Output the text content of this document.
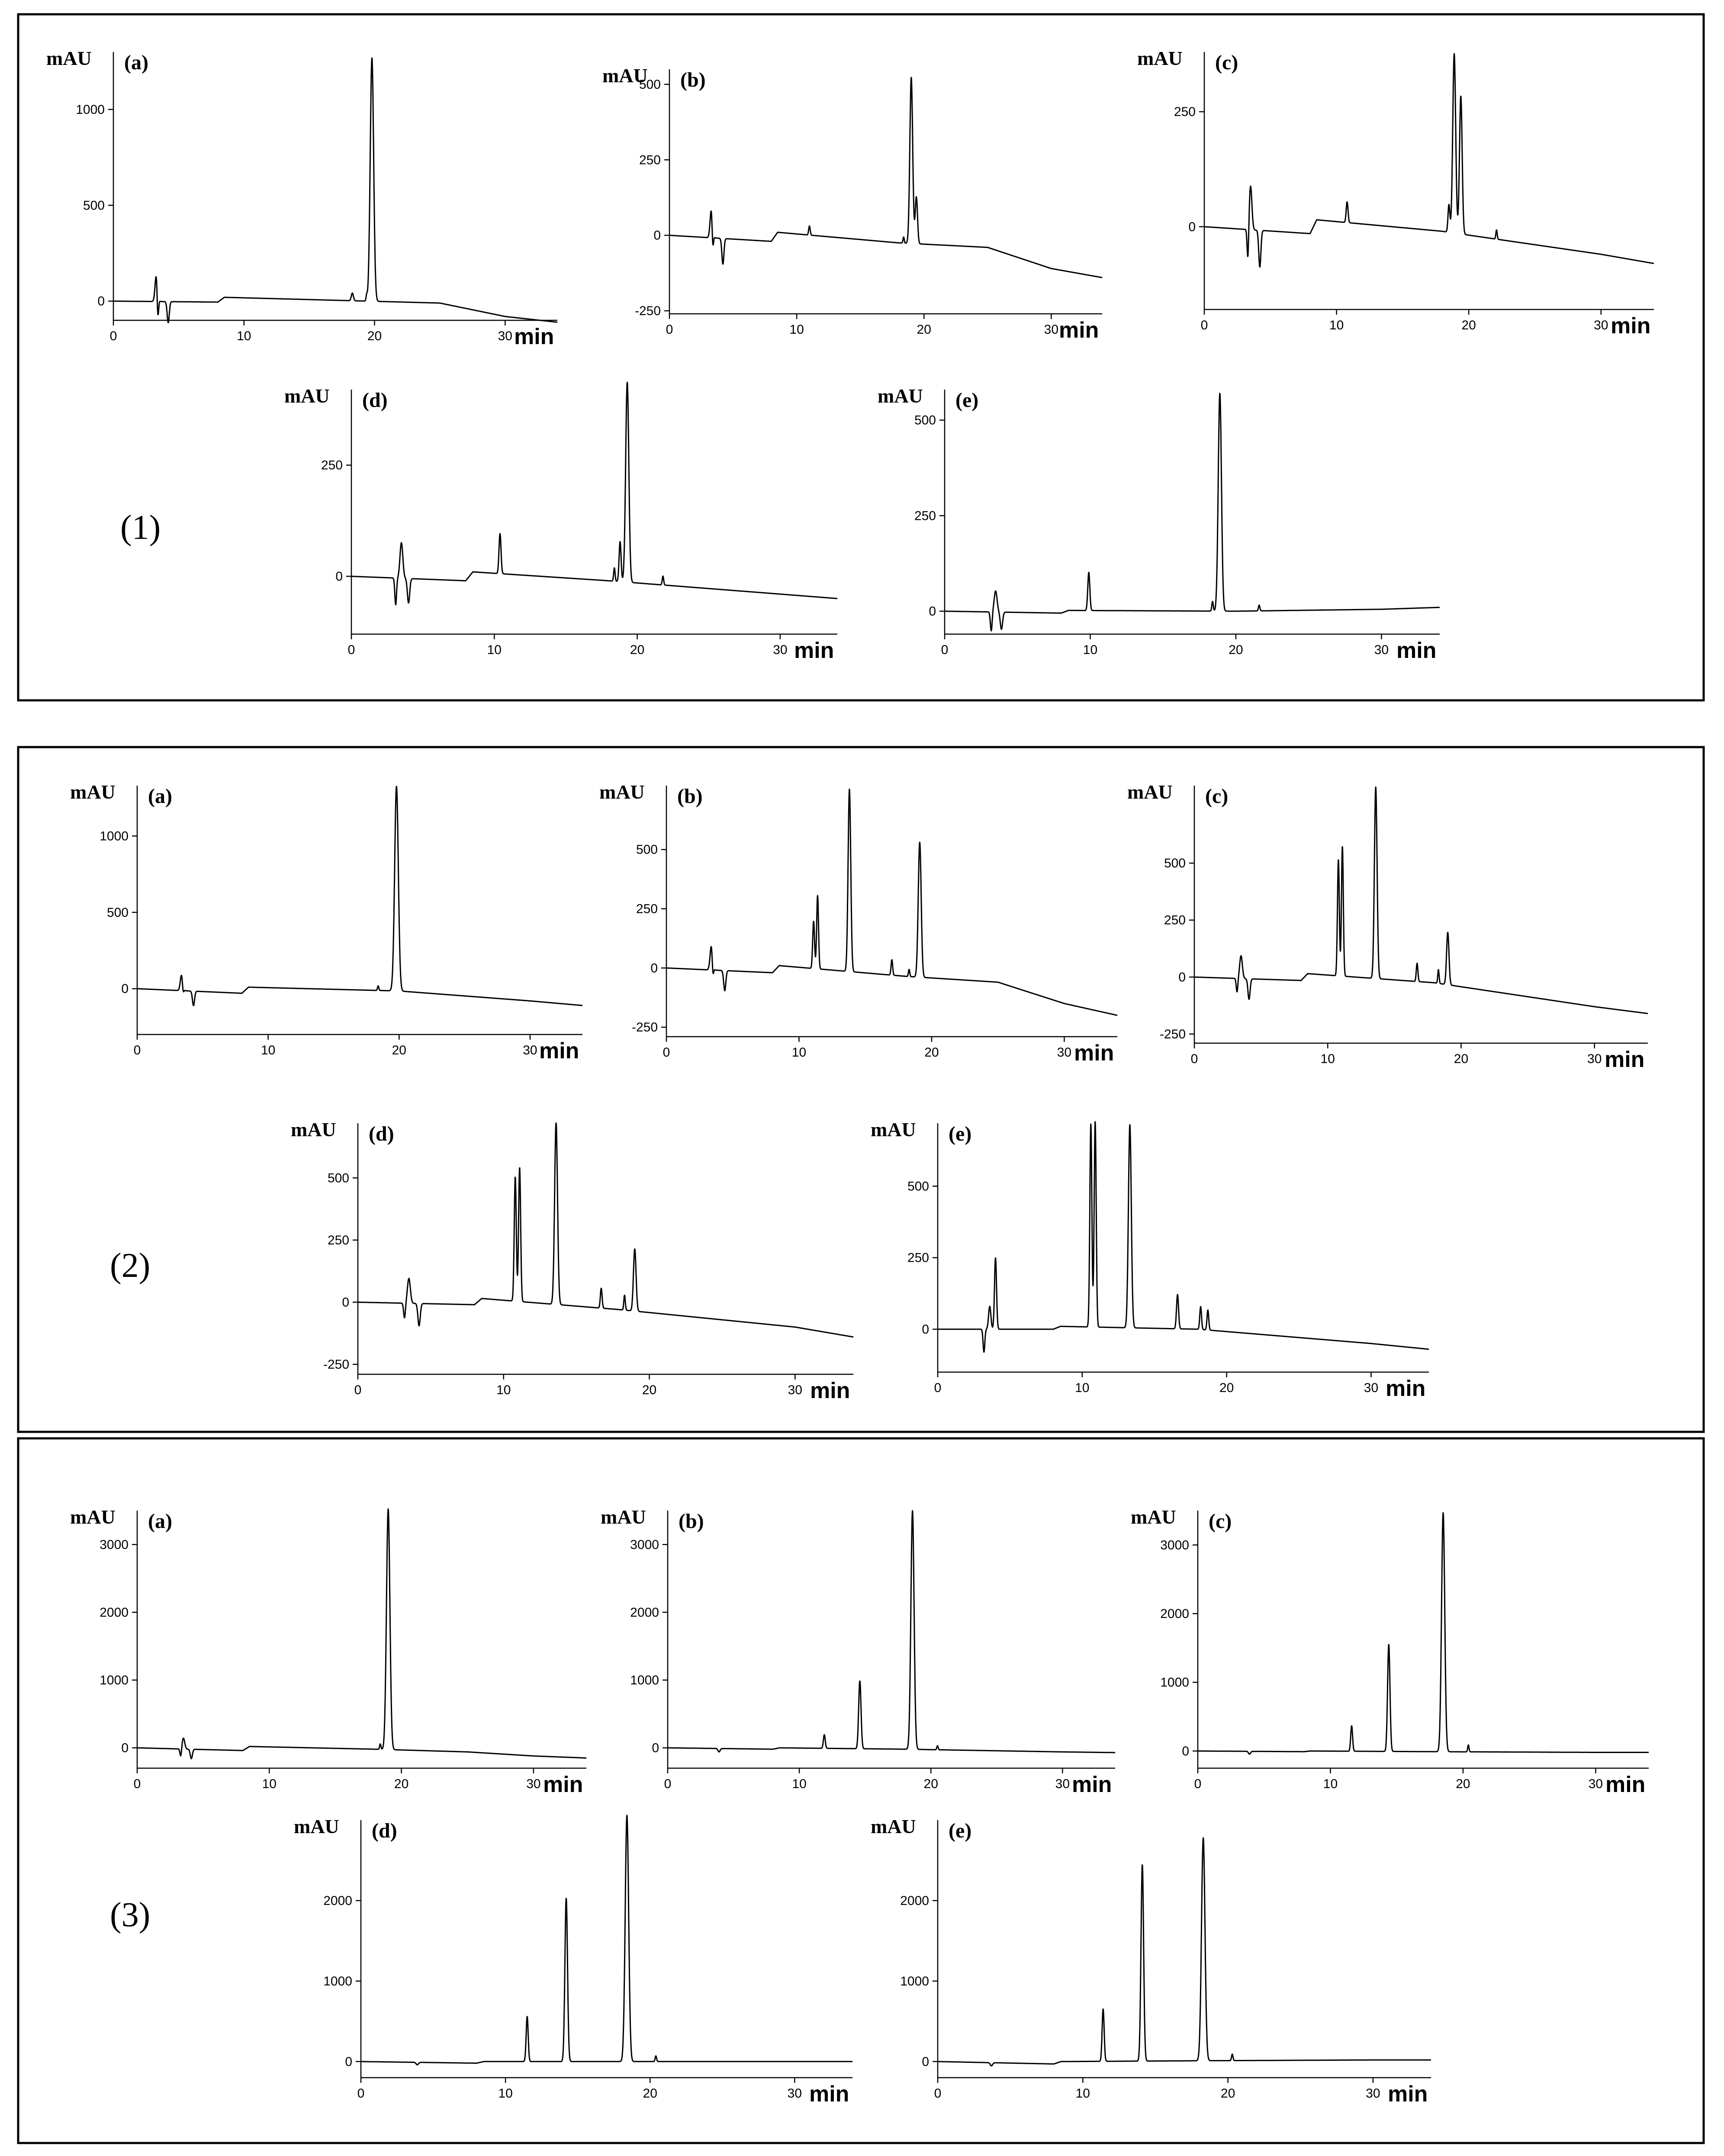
(1)
(2)
(3)
0	10	20	30
0
500
1000
mAU (a)
min	0	10	20	30
-250
0
250
500
mAU (b)
min	0	10	20	30
0
250
mAU (c)
min
0	10	20	30
0
250
mAU (d)
min	0	10	20	30
0
250
500
mAU (e)
min
0	10	20	30
0
500
1000
mAU (a)
min	0	10	20	30
-250
0
250
500
mAU (b)
min	0	10	20	30
-250
0
250
500
mAU (c)
min
0	10	20	30
-250
0
250
500
mAU (d)
min	0	10	20	30
0
250
500
mAU (e)
min
0	10	20	30
0
1000
2000
3000
mAU (a)
min	0	10	20	30
0
1000
2000
3000
mAU (b)
min	0	10	20	30
0
1000
2000
3000
mAU (c)
min
0	10	20	30
0
1000
2000
mAU (d)
min	0	10	20	30
0
1000
2000
mAU (e)
min
